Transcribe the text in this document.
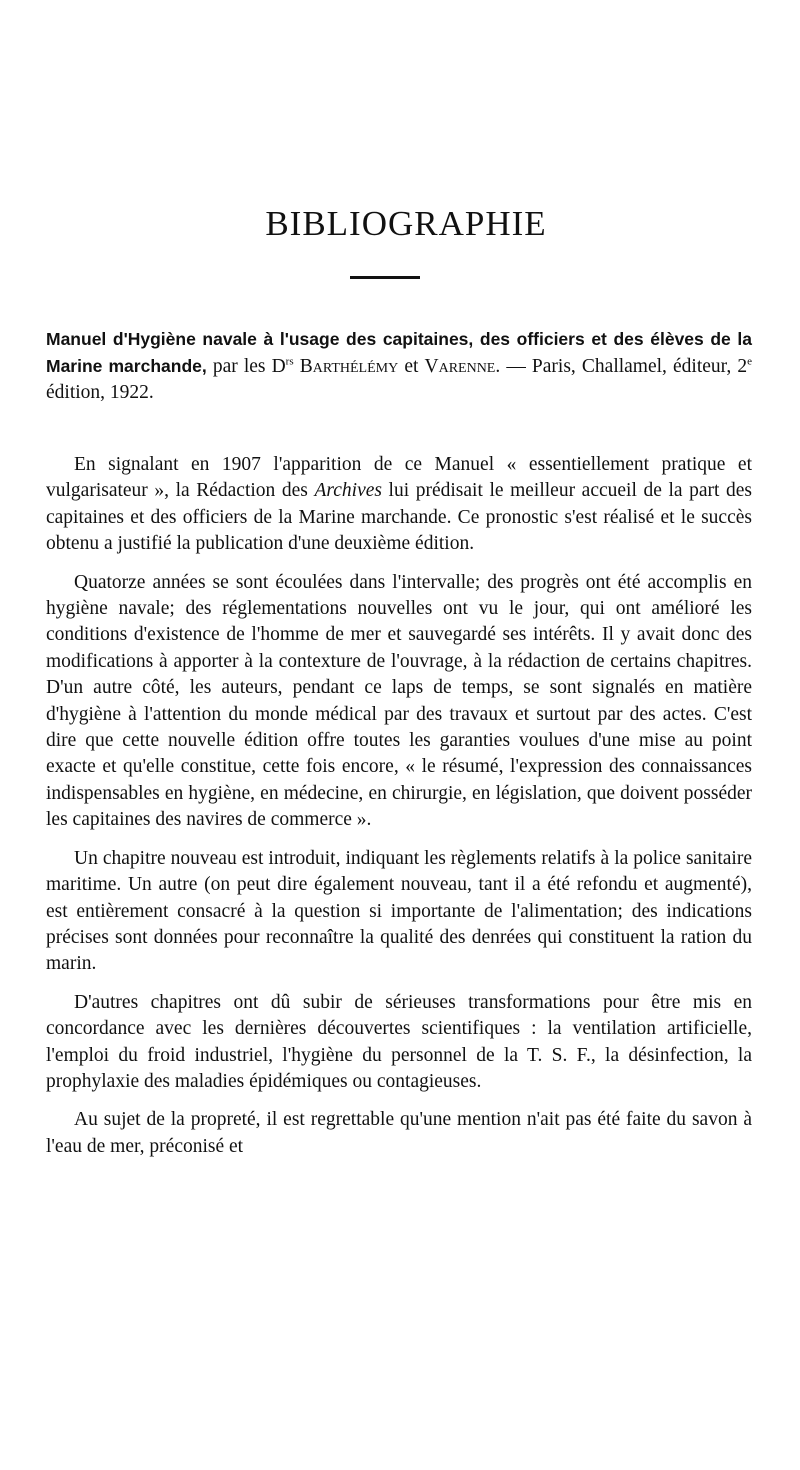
BIBLIOGRAPHIE

Manuel d'Hygiène navale à l'usage des capitaines, des officiers et des élèves de la Marine marchande, par les $D^{rs}$ Barthélémy et Varenne. — Paris, Challamel, éditeur, 2e édition, 1922.

En signalant en 1907 l'apparition de ce Manuel « essentiellement pratique et vulgarisateur », la Rédaction des Archives lui prédisait le meilleur accueil de la part des capitaines et des officiers de la Marine marchande. Ce pronostic s'est réalisé et le succès obtenu a justifié la publication d'une deuxième édition.

Quatorze années se sont écoulées dans l'intervalle; des progrès ont été accomplis en hygiène navale; des réglementations nouvelles ont vu le jour, qui ont amélioré les conditions d'existence de l'homme de mer et sauvegardé ses intérêts. Il y avait donc des modifications à apporter à la contexture de l'ouvrage, à la rédaction de certains chapitres. D'un autre côté, les auteurs, pendant ce laps de temps, se sont signalés en matière d'hygiène à l'attention du monde médical par des travaux et surtout par des actes. C'est dire que cette nouvelle édition offre toutes les garanties voulues d'une mise au point exacte et qu'elle constitue, cette fois encore, « le résumé, l'expression des connaissances indispensables en hygiène, en médecine, en chirurgie, en législation, que doivent posséder les capitaines des navires de commerce ».

Un chapitre nouveau est introduit, indiquant les règlements relatifs à la police sanitaire maritime. Un autre (on peut dire également nouveau, tant il a été refondu et augmenté), est entièrement consacré à la question si importante de l'alimentation; des indications précises sont données pour reconnaître la qualité des denrées qui constituent la ration du marin.

D'autres chapitres ont dû subir de sérieuses transformations pour être mis en concordance avec les dernières découvertes scientifiques : la ventilation artificielle, l'emploi du froid industriel, l'hygiène du personnel de la T. S. F., la désinfection, la prophylaxie des maladies épidémiques ou contagieuses.

Au sujet de la propreté, il est regrettable qu'une mention n'ait pas été faite du savon à l'eau de mer, préconisé et
